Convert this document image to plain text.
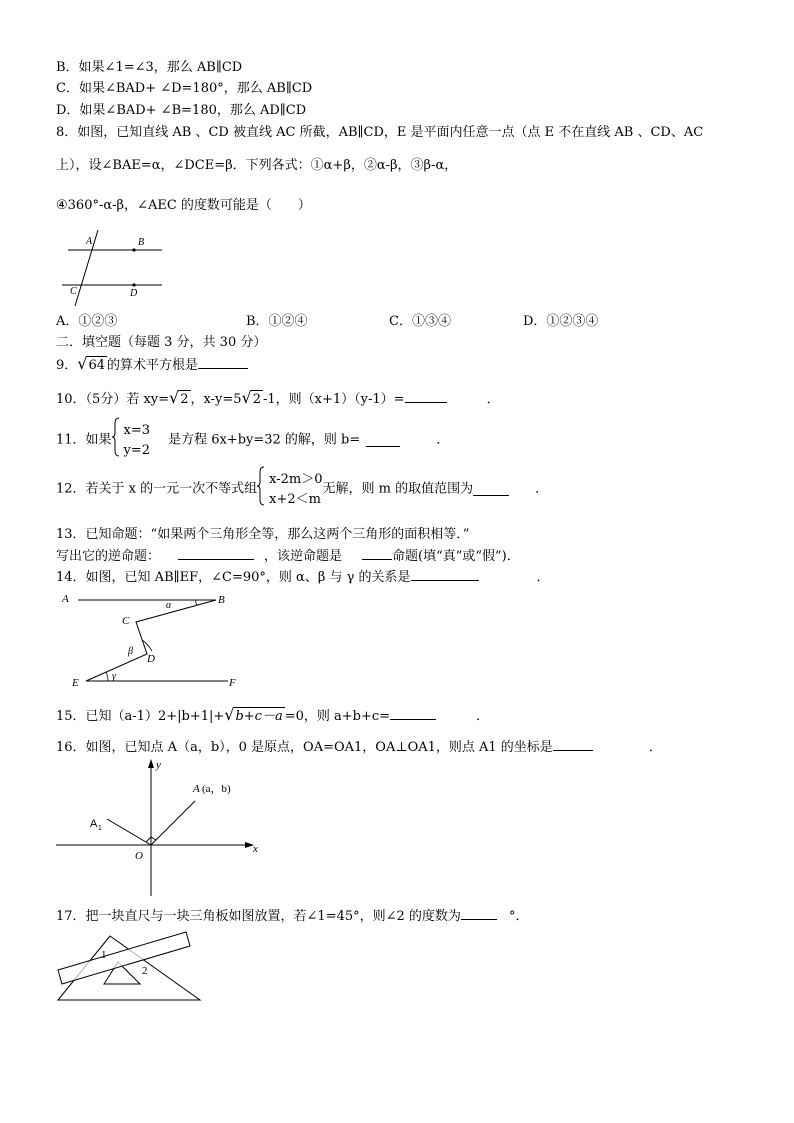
B．如果∠1=∠3，那么 AB∥CD
C．如果∠BAD+ ∠D=180°，那么 AB∥CD
D．如果∠BAD+ ∠B=180，那么 AD∥CD
8．如图，已知直线 AB 、CD 被直线 AC 所截，AB∥CD，E 是平面内任意一点（点 E 不在直线 AB 、CD、AC
上），设∠BAE=α，∠DCE=β．下列各式：①α+β，②α-β，③β-α，
④360°-α-β，∠AEC 的度数可能是（　　）
A	B
C	D
A．①②③	B．①②④	C．①③④	D．①②③④
二．填空题（每题 3 分，共 30 分）
9．√64 的算术平方根是
10．（5分）若 xy=√2 ，x-y=5√2 -1，则（x+1）（y-1）=	．
11．如果x=3
y=2是方程 6x+by=32 的解，则 b=	．
12．若关于 x 的一元一次不等式组x-2m＞0
x+2＜m无解，则 m 的取值范围为	．
13．已知命题：“如果两个三角形全等，那么这两个三角形的面积相等．”
写出它的逆命题：	，该逆命题是	命题(填“真”或“假”)．
14．如图，已知 AB∥EF，∠C=90°，则 α、β 与 γ 的关系是	．
A	B
C
D
E	F
α
β
γ
15．已知（a-1）2+|b+1|+√b+c－a =0，则 a+b+c=	．
16．如图，已知点 A（a，b），0 是原点，OA=OA1，OA⊥OA1，则点 A1 的坐标是	．
y
x
O
A (a，b)
A 1
17．把一块直尺与一块三角板如图放置，若∠1=45°，则∠2 的度数为	°．
1
2
